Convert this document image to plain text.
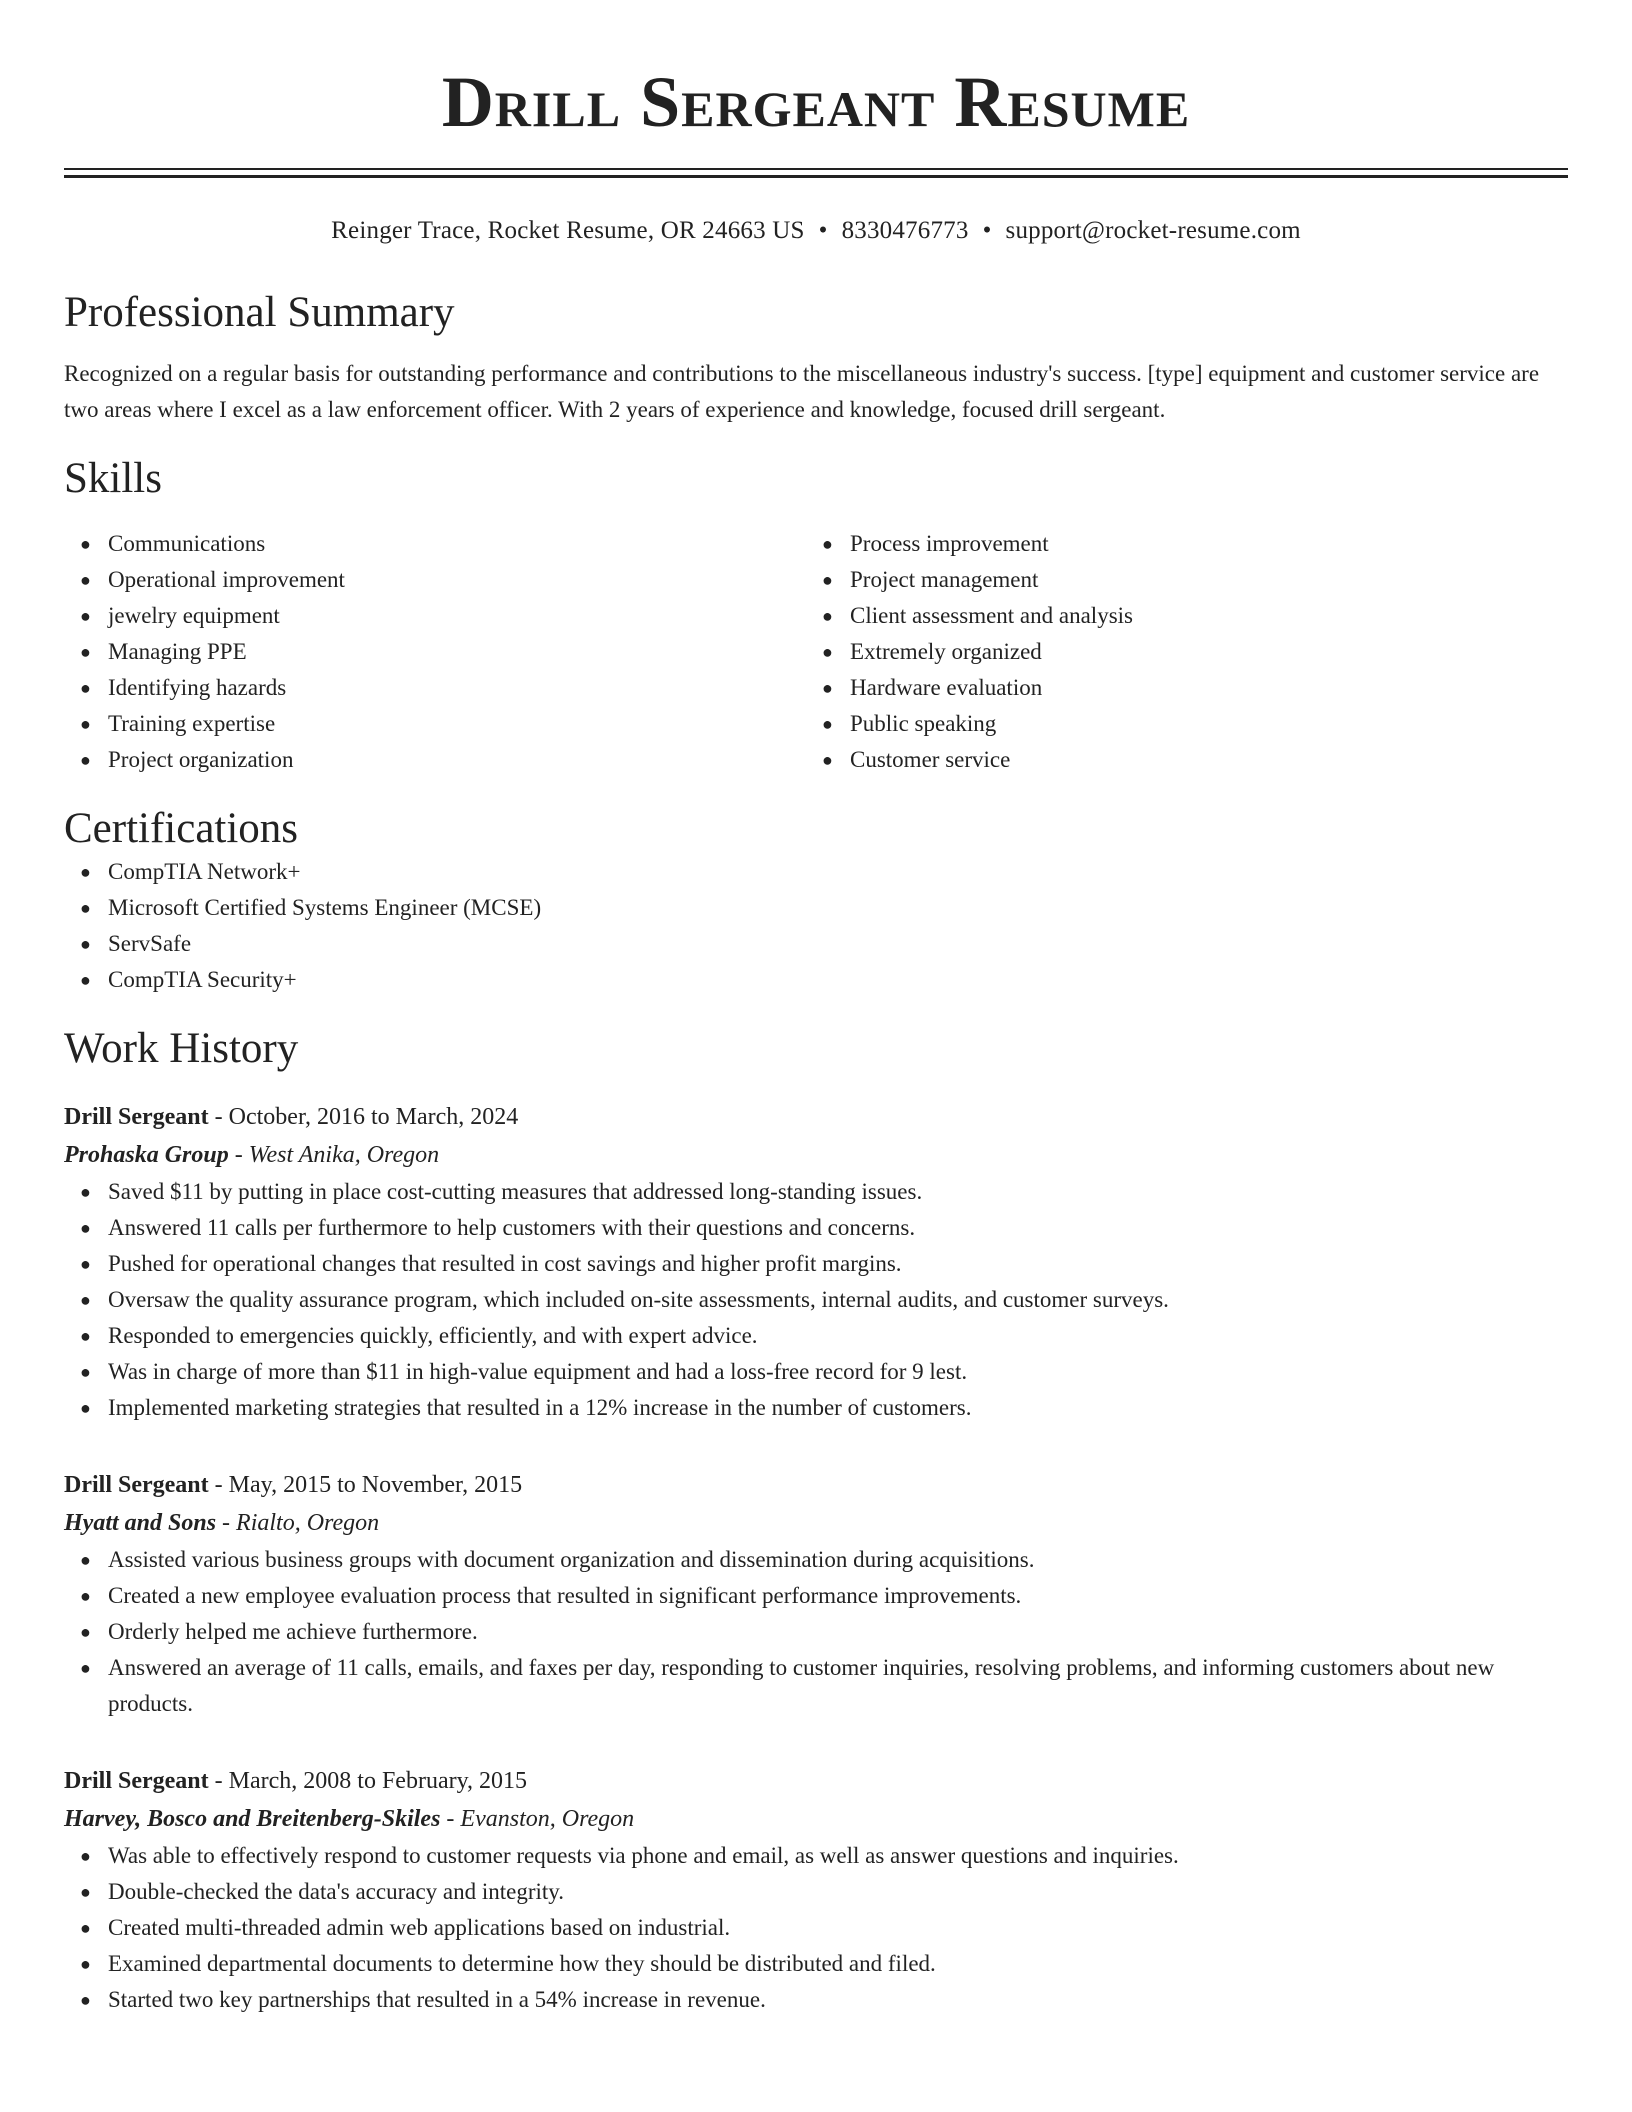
Drill Sergeant Resume
Reinger Trace, Rocket Resume, OR 24663 US • 8330476773 • support@rocket-resume.com
Professional Summary

Recognized on a regular basis for outstanding performance and contributions to the miscellaneous industry's success. [type] equipment and customer service are two areas where I excel as a law enforcement officer. With 2 years of experience and knowledge, focused drill sergeant.

Skills
● Communications
● Operational improvement
● jewelry equipment
● Managing PPE
● Identifying hazards
● Training expertise
● Project organization
● Process improvement
● Project management
● Client assessment and analysis
● Extremely organized
● Hardware evaluation
● Public speaking
● Customer service
Certifications
● CompTIA Network+
● Microsoft Certified Systems Engineer (MCSE)
● ServSafe
● CompTIA Security+
Work History
Drill Sergeant - October, 2016 to March, 2024
Prohaska Group - West Anika, Oregon
● Saved $11 by putting in place cost-cutting measures that addressed long-standing issues.
● Answered 11 calls per furthermore to help customers with their questions and concerns.
● Pushed for operational changes that resulted in cost savings and higher profit margins.
● Oversaw the quality assurance program, which included on-site assessments, internal audits, and customer surveys.
● Responded to emergencies quickly, efficiently, and with expert advice.
● Was in charge of more than $11 in high-value equipment and had a loss-free record for 9 lest.
● Implemented marketing strategies that resulted in a 12% increase in the number of customers.
Drill Sergeant - May, 2015 to November, 2015
Hyatt and Sons - Rialto, Oregon
● Assisted various business groups with document organization and dissemination during acquisitions.
● Created a new employee evaluation process that resulted in significant performance improvements.
● Orderly helped me achieve furthermore.
● Answered an average of 11 calls, emails, and faxes per day, responding to customer inquiries, resolving problems, and informing customers about new products.
Drill Sergeant - March, 2008 to February, 2015
Harvey, Bosco and Breitenberg-Skiles - Evanston, Oregon
● Was able to effectively respond to customer requests via phone and email, as well as answer questions and inquiries.
● Double-checked the data's accuracy and integrity.
● Created multi-threaded admin web applications based on industrial.
● Examined departmental documents to determine how they should be distributed and filed.
● Started two key partnerships that resulted in a 54% increase in revenue.
